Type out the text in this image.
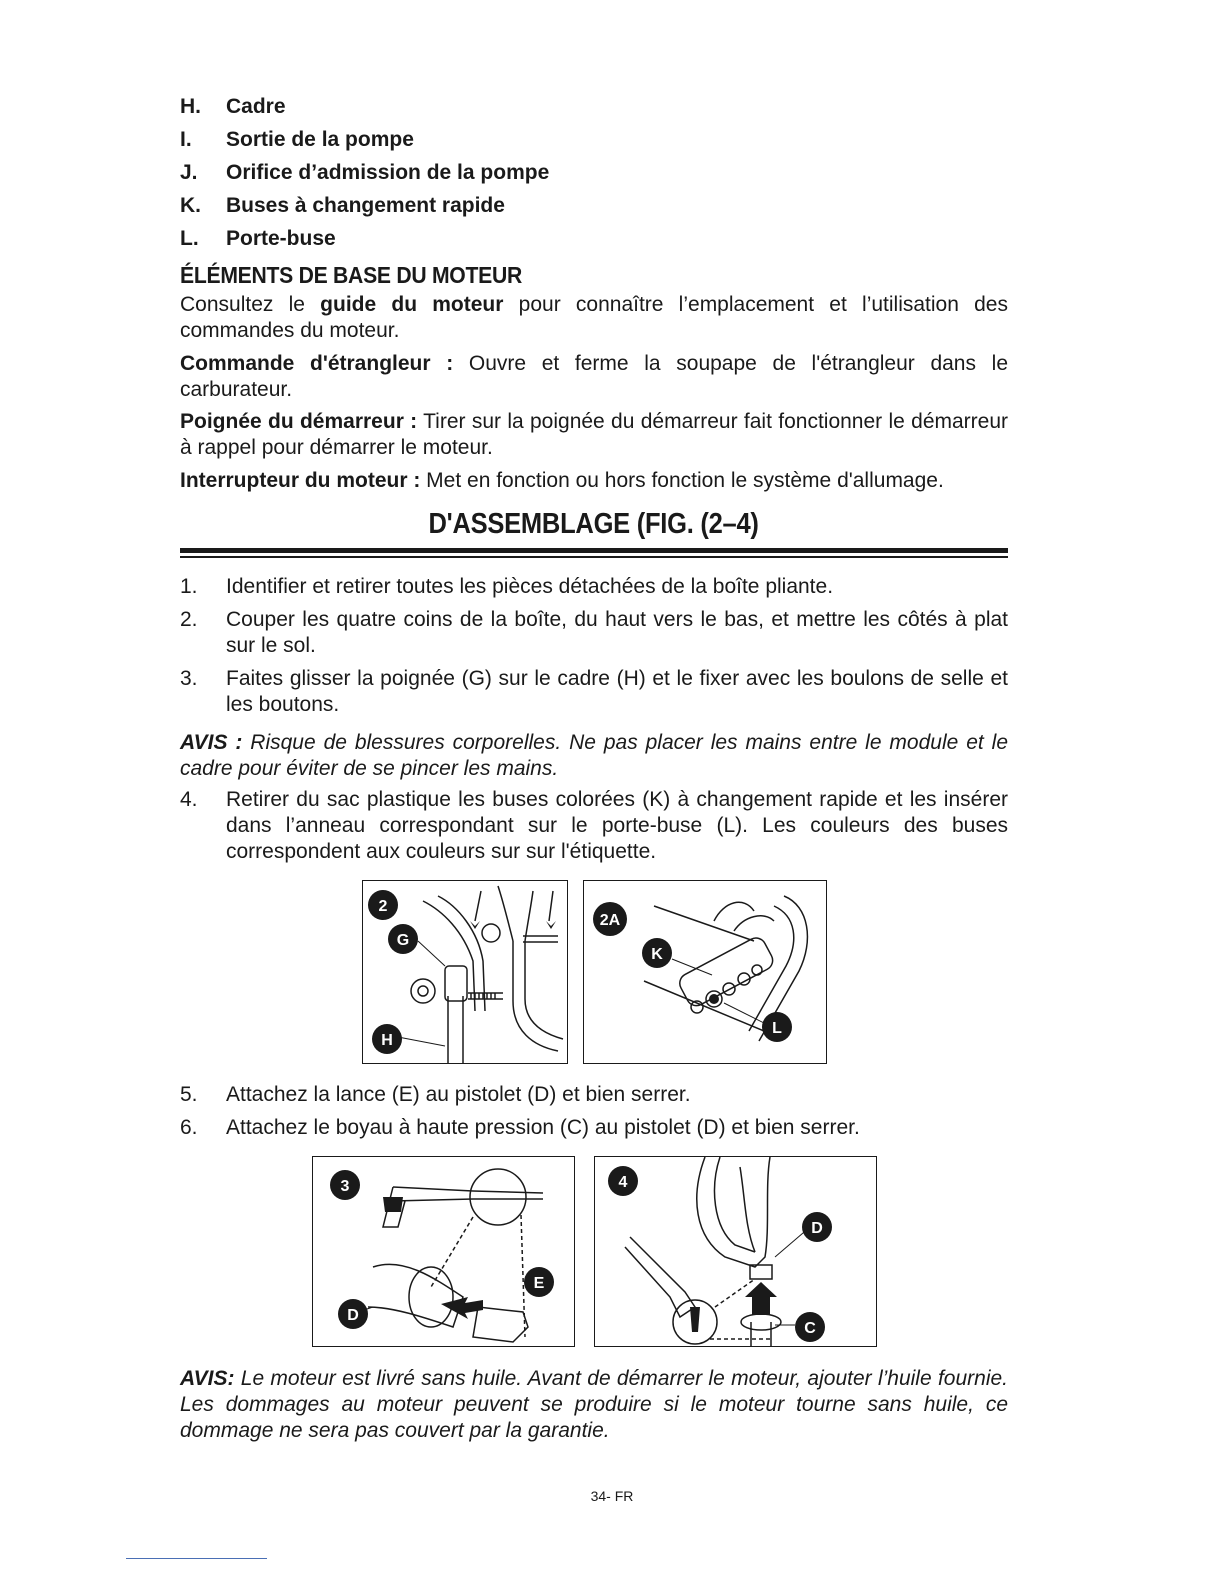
H.	Cadre
I.	Sortie de la pompe
J.	Orifice d’admission de la pompe
K.	Buses à changement rapide
L.	Porte-buse
ÉLÉMENTS DE BASE DU MOTEUR
Consultez le guide du moteur pour connaître l’emplacement et l’utilisation des commandes du moteur.
Commande d'étrangleur : Ouvre et ferme la soupape de l'étrangleur dans le carburateur.
Poignée du démarreur : Tirer sur la poignée du démarreur fait fonctionner le démarreur à rappel pour démarrer le moteur.
Interrupteur du moteur : Met en fonction ou hors fonction le système d'allumage.
D'ASSEMBLAGE (FIG. (2–4)
1.	Identifier et retirer toutes les pièces détachées de la boîte pliante.
2.	Couper les quatre coins de la boîte, du haut vers le bas, et mettre les côtés à plat sur le sol.
3.	Faites glisser la poignée (G) sur le cadre (H) et le fixer avec les boulons de selle et les boutons.
AVIS : Risque de blessures corporelles. Ne pas placer les mains entre le module et le cadre pour éviter de se pincer les mains.
4.	Retirer du sac plastique les buses colorées (K) à changement rapide et les insérer dans l’anneau correspondant sur le porte-buse (L). Les couleurs des buses correspondent aux couleurs sur sur l'étiquette.
5.	Attachez la lance (E) au pistolet (D) et bien serrer.
6.	Attachez le boyau à haute pression (C) au pistolet (D) et bien serrer.
AVIS: Le moteur est livré sans huile. Avant de démarrer le moteur, ajouter l’huile fournie. Les dommages au moteur peuvent se produire si le moteur tourne sans huile, ce dommage ne sera pas couvert par la garantie.
2
G
H
2A
K
L
3
E
D
4
D
C
34- FR
